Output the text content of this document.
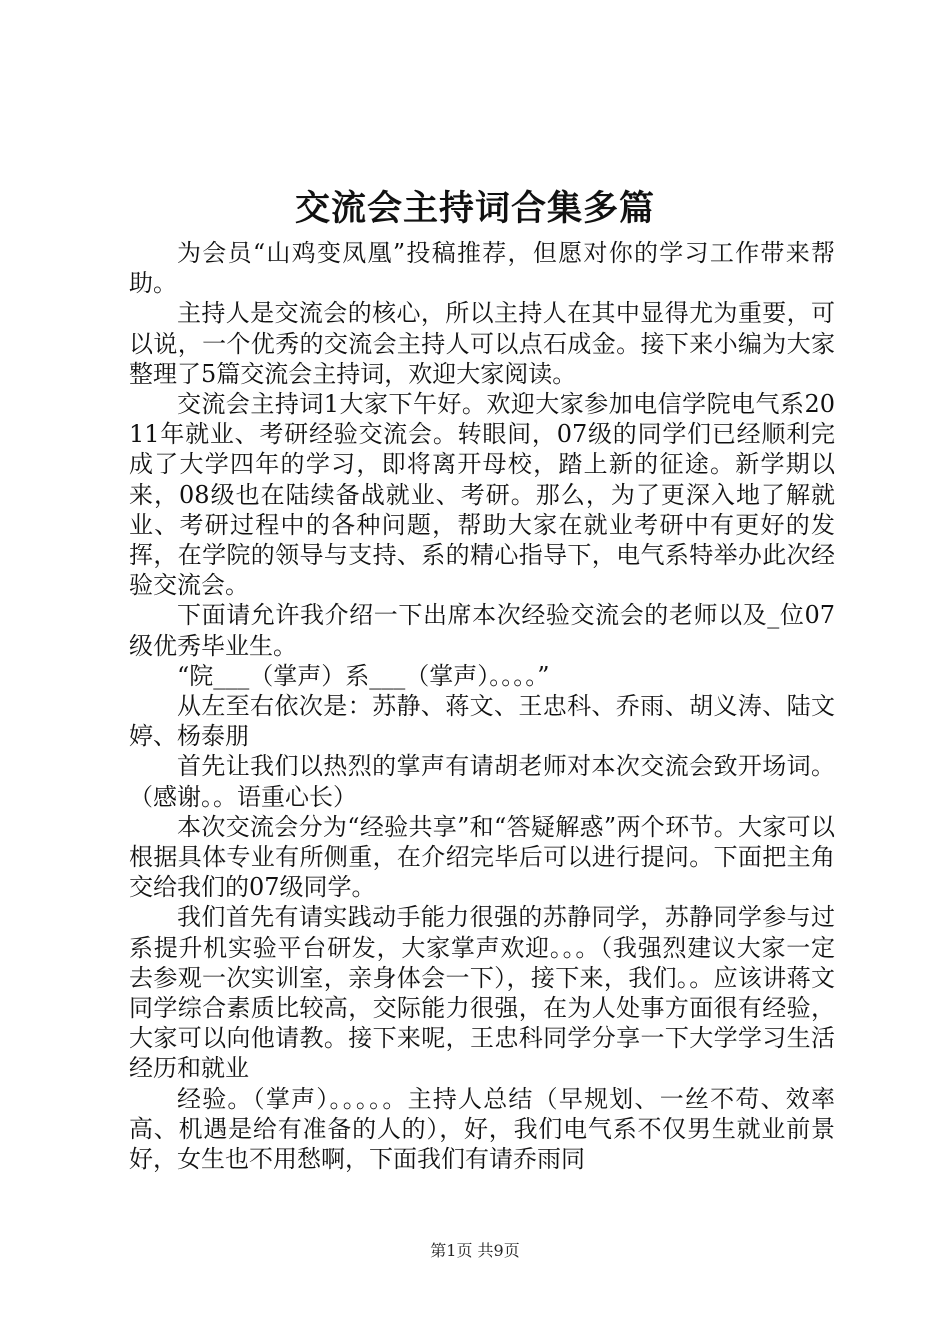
交流会主持词合集多篇

为会员“山鸡变凤凰”投稿推荐，但愿对你的学习工作带来帮助。

主持人是交流会的核心，所以主持人在其中显得尤为重要，可以说，一个优秀的交流会主持人可以点石成金。接下来小编为大家整理了5篇交流会主持词，欢迎大家阅读。

交流会主持词1大家下午好。欢迎大家参加电信学院电气系2011年就业、考研经验交流会。转眼间，07级的同学们已经顺利完成了大学四年的学习，即将离开母校，踏上新的征途。新学期以来，08级也在陆续备战就业、考研。那么，为了更深入地了解就业、考研过程中的各种问题，帮助大家在就业考研中有更好的发挥，在学院的领导与支持、系的精心指导下，电气系特举办此次经验交流会。

下面请允许我介绍一下出席本次经验交流会的老师以及_位07级优秀毕业生。

“院___（掌声）系___（掌声）。。。。”

从左至右依次是：苏静、蒋文、王忠科、乔雨、胡义涛、陆文婷、杨泰朋

首先让我们以热烈的掌声有请胡老师对本次交流会致开场词。（感谢。。语重心长）

本次交流会分为“经验共享”和“答疑解惑”两个环节。大家可以根据具体专业有所侧重，在介绍完毕后可以进行提问。下面把主角交给我们的07级同学。

我们首先有请实践动手能力很强的苏静同学，苏静同学参与过系提升机实验平台研发，大家掌声欢迎。。。（我强烈建议大家一定去参观一次实训室，亲身体会一下），接下来，我们。。应该讲蒋文同学综合素质比较高，交际能力很强，在为人处事方面很有经验，大家可以向他请教。接下来呢，王忠科同学分享一下大学学习生活经历和就业

经验。（掌声）。。。。。主持人总结（早规划、一丝不苟、效率高、机遇是给有准备的人的），好，我们电气系不仅男生就业前景好，女生也不用愁啊，下面我们有请乔雨同

第1页 共9页
